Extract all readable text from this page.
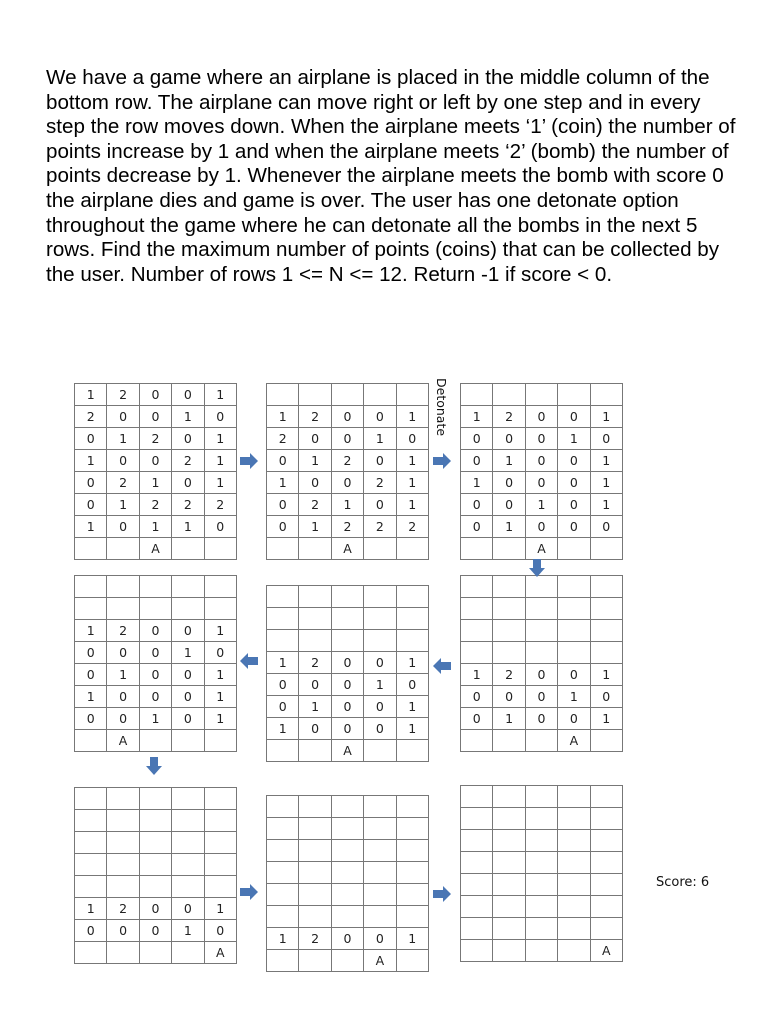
We have a game where an airplane is placed in the middle column of the bottom row. The airplane can move right or left by one step and in every step the row moves down. When the airplane meets ‘1’ (coin) the number of points increase by 1 and when the airplane meets ‘2’ (bomb) the number of points decrease by 1. Whenever the airplane meets the bomb with score 0 the airplane dies and game is over. The user has one detonate option throughout the game where he can detonate all the bombs in the next 5 rows. Find the maximum number of points (coins) that can be collected by the user. Number of rows 1 <= N <= 12. Return -1 if score < 0.

1	2	0	0	1
2	0	0	1	0
0	1	2	0	1
1	0	0	2	1
0	2	1	0	1
0	1	2	2	2
1	0	1	1	0
		A		

1	2	0	0	1
2	0	0	1	0
0	1	2	0	1
1	0	0	2	1
0	2	1	0	1
0	1	2	2	2
		A		

1	2	0	0	1
0	0	0	1	0
0	1	0	0	1
1	0	0	0	1
0	0	1	0	1
0	1	0	0	0
		A		

1	2	0	0	1
0	0	0	1	0
0	1	0	0	1
1	0	0	0	1
0	0	1	0	1
	A			

1	2	0	0	1
0	0	0	1	0
0	1	0	0	1
1	0	0	0	1
		A		

1	2	0	0	1
0	0	0	1	0
0	1	0	0	1
			A	

1	2	0	0	1
0	0	0	1	0
				A

1	2	0	0	1
			A	

				A
Detonate
Score: 6
